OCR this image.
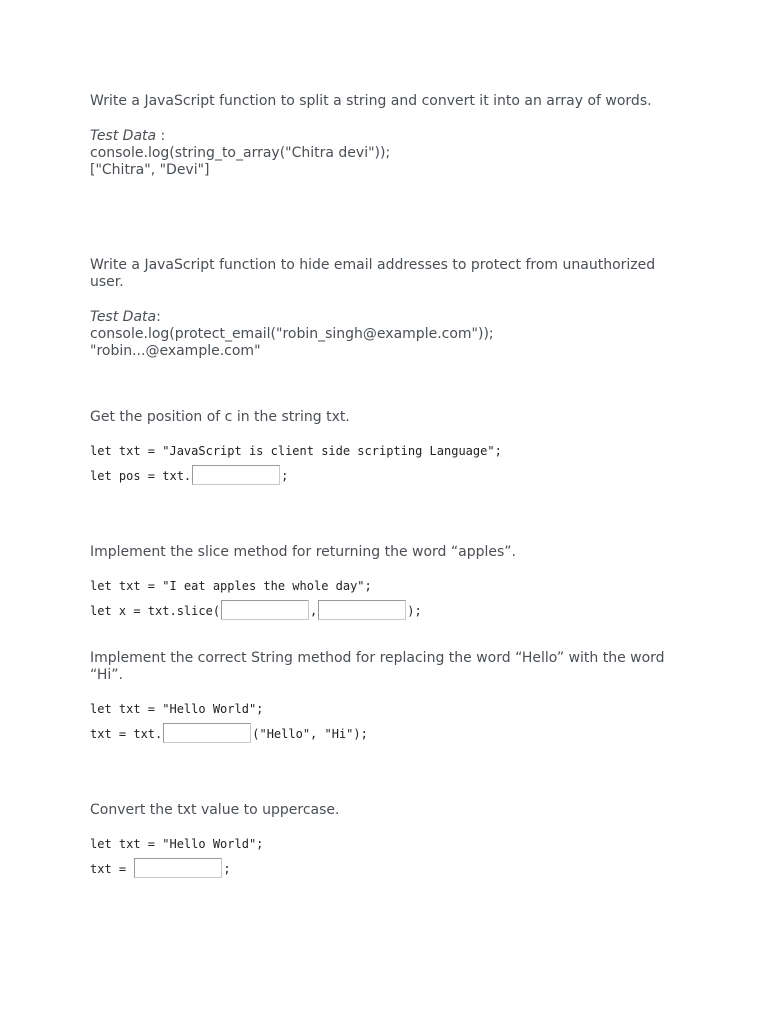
Write a JavaScript function to split a string and convert it into an array of words.

Test Data :

console.log(string_to_array("Chitra devi"));

["Chitra", "Devi"]

Write a JavaScript function to hide email addresses to protect from unauthorized user.

Test Data:

console.log(protect_email("robin_singh@example.com"));

"robin...@example.com"

Get the position of c in the string txt.

let txt = "JavaScript is client side scripting Language";
let pos = txt.	;

Implement the slice method for returning the word “apples”.

let txt = "I eat apples the whole day";
let x = txt.slice(	,	);

Implement the correct String method for replacing the word “Hello” with the word “Hi”.

let txt = "Hello World";
txt = txt.	("Hello", "Hi");

Convert the txt value to uppercase.

let txt = "Hello World";
txt =	;
